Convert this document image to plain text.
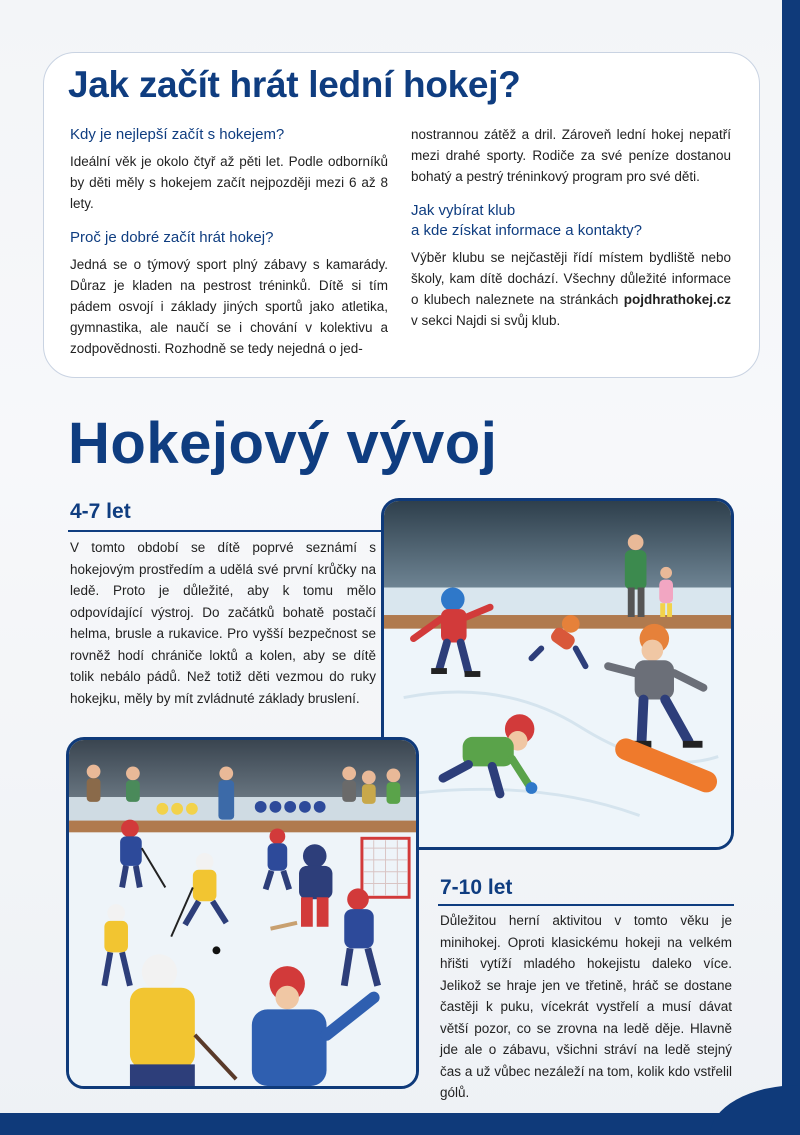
Jak začít hrát lední hokej?
Kdy je nejlepší začít s hokejem?

Ideální věk je okolo čtyř až pěti let. Podle odborníků by děti měly s hokejem začít nejpozději mezi 6 až 8 lety.

Proč je dobré začít hrát hokej?

Jedná se o týmový sport plný zábavy s kamarády. Důraz je kladen na pestrost tréninků. Dítě si tím pádem osvojí i základy jiných sportů jako atletika, gymnastika, ale naučí se i chování v kolektivu a zodpovědnosti. Rozhodně se tedy nejedná o jed-

nostrannou zátěž a dril. Zároveň lední hokej nepatří mezi drahé sporty. Rodiče za své peníze dostanou bohatý a pestrý tréninkový program pro své děti.

Jak vybírat klub
a kde získat informace a kontakty?

Výběr klubu se nejčastěji řídí místem bydliště nebo školy, kam dítě dochází. Všechny důležité informace o klubech naleznete na stránkách pojdhrathokej.cz v sekci Najdi si svůj klub.

Hokejový vývoj
4-7 let

V tomto období se dítě poprvé seznámí s hokejovým prostředím a udělá své první krůčky na ledě. Proto je důležité, aby k tomu mělo odpovídající výstroj. Do začátků bohatě postačí helma, brusle a rukavice. Pro vyšší bezpečnost se rovněž hodí chrániče loktů a kolen, aby se dítě tolik nebálo pádů. Než totiž děti vezmou do ruky hokejku, měly by mít zvládnuté základy bruslení.

7-10 let

Důležitou herní aktivitou v tomto věku je minihokej. Oproti klasickému hokeji na velkém hřišti vytíží mladého hokejistu daleko více. Jelikož se hraje jen ve třetině, hráč se dostane častěji k puku, vícekrát vystřelí a musí dávat větší pozor, co se zrovna na ledě děje. Hlavně jde ale o zábavu, všichni stráví na ledě stejný čas a už vůbec nezáleží na tom, kolik kdo vstřelil gólů.
